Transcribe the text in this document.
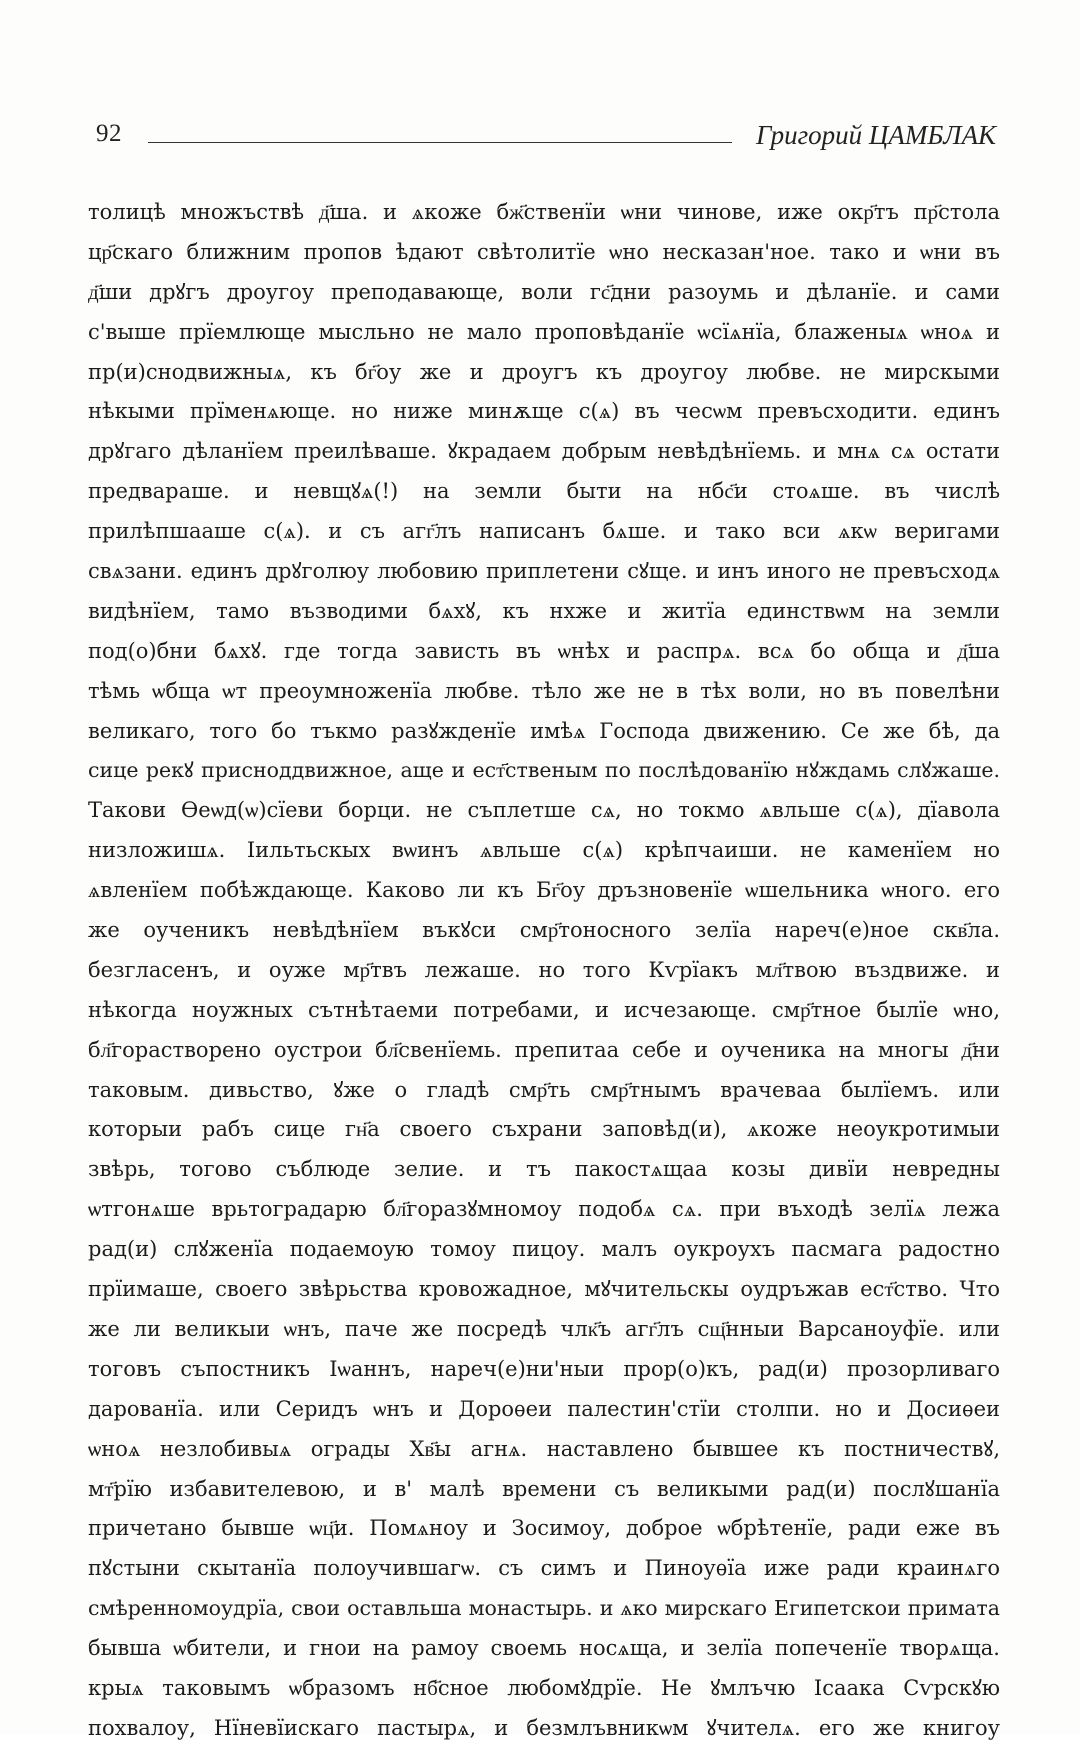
92	Григорий ЦАМБЛАК
толицѣ множъствѣ д҃ша. и ѧкоже бж҃ственїи ѡни чиновe, иже окр҃тъ пр҃стола
цр҃скаго ближним пропов ѣдают свѣтолитїе ѡно несказан'ное. тако и ѡни въ
д҃ши дрꙋгъ дроугоу преподавающе, воли гс҃дни разоумь и дѣланїе. и сами
с'выше прїемлюще мысльно не мало проповѣданїе ѡсїѧнїа, блаженыѧ ѡноѧ и
пр(и)снодвижныѧ, къ бг҃оу же и дроугъ къ дроугоу любве. не мирскыми
нѣкыми прїменѧюще. но ниже минѫще с(ѧ) въ чесѡм превъсходити. единъ
дрꙋгаго дѣланїем преилѣваше. ꙋкрадаем добрым невѣдѣнїемь. и мнѧ сѧ остати
предвараше. и невщꙋѧ(!) на земли быти на нбс҃и стоѧше. въ числѣ
прилѣпшааше с(ѧ). и съ агг҃лъ написанъ бѧше. и тако вси ѧкѡ веригами
свѧзани. единъ дрꙋголюу любовию приплетени сꙋще. и инъ иного не превъсходѧ
видѣнїем, тамо възводими бѧхꙋ, къ нхже и житїа единствѡм на земли
под(о)бни бѧхꙋ. где тогда зависть въ ѡнѣх и распрѧ. всѧ бо обща и д҃ша
тѣмь ѡбща ѡт преоумноженїа любве. тѣло же не в тѣх воли, но въ повелѣни
великаго, того бо тъкмо разꙋжденїе имѣѧ Господа движению. Се же бѣ, да
сице рекꙋ присноддвижное, аще и ест҃ственым по послѣдованїю нꙋждамь слꙋжаше.
Такови Ѳеѡд(ѡ)сїеви борци. не съплетше сѧ, но токмо ѧвльше с(ѧ), дїавола
низложишѧ. Iильтьскых вѡинъ ѧвльше с(ѧ) крѣпчаиши. не каменїем но
ѧвленїем побѣждающе. Каково ли къ Бг҃оу дръзновенїе ѡшельника ѡного. его
же оученикъ невѣдѣнїем въкꙋси смр҃тоносного зелїа нареч(е)ное скв҃ла.
безгласенъ, и оуже мр҃твъ лежаше. но того Кѵрїакъ мл҃твою въздвиже. и
нѣкогда ноужных сътнѣтаеми потребами, и исчезающе. смр҃тное былїе ѡно,
бл҃горастворено оустрои бл҃свенїемь. препитаа себе и оученика на многы д҃ни
таковым. дивьство, ꙋже о гладѣ смр҃ть смр҃тнымъ врачеваа былїемъ. или
которыи рабъ сице гн҃а своего съхрани заповѣд(и), ѧкоже неоукротимыи
звѣрь, тогово съблюде зелие. и тъ пакостѧщаа козы дивїи невредны
ѡтгонѧше врьтоградарю бл҃горазꙋмномоу подобѧ сѧ. при въходѣ зелїѧ лежа
рад(и) слꙋженїа подаемоую томоу пицоу. малъ оукроухъ пасмага радостно
прїимаше, своего звѣрьства кровожадное, мꙋчительскы оудръжав ест҃ство. Что
же ли великыи ѡнъ, паче же посредѣ члк҃ъ агг҃лъ сщ҃нныи Варсаноуфїе. или
тоговъ съпостникъ Iѡаннъ, нареч(е)ни'ныи прор(о)къ, рад(и) прозорливаго
дарованїа. или Серидъ ѡнъ и Дороѳеи палестин'стїи столпи. но и Досиѳеи
ѡноѧ незлобивыѧ ограды Хв҃ы агнѧ. наставлено бывшее къ постничествꙋ,
мт҃рїю избавителевою, и в' малѣ времени съ великыми рад(и) послꙋшанїа
причетано бывше ѡц҃и. Помѧноу и Зосимоу, доброе ѡбрѣтенїе, ради еже въ
пꙋстыни скытанїа полоучившагѡ. съ симъ и Пиноуѳїа иже ради краинѧго
смѣренномоудрїа, свои оставльша монастырь. и ѧко мирскаго Египетскои примата
бывша ѡбители, и гнои на рамоу своемь носѧща, и зелїа попеченїе творѧща.
крыѧ таковымъ ѡбразомъ нб҃сное любомꙋдрїе. Не ꙋмлъчю Iсаака Сѵрскꙋю
похвалоу, Нїневїискаго пастырѧ, и безмлъвникѡм ꙋчителѧ. его же книгоу
